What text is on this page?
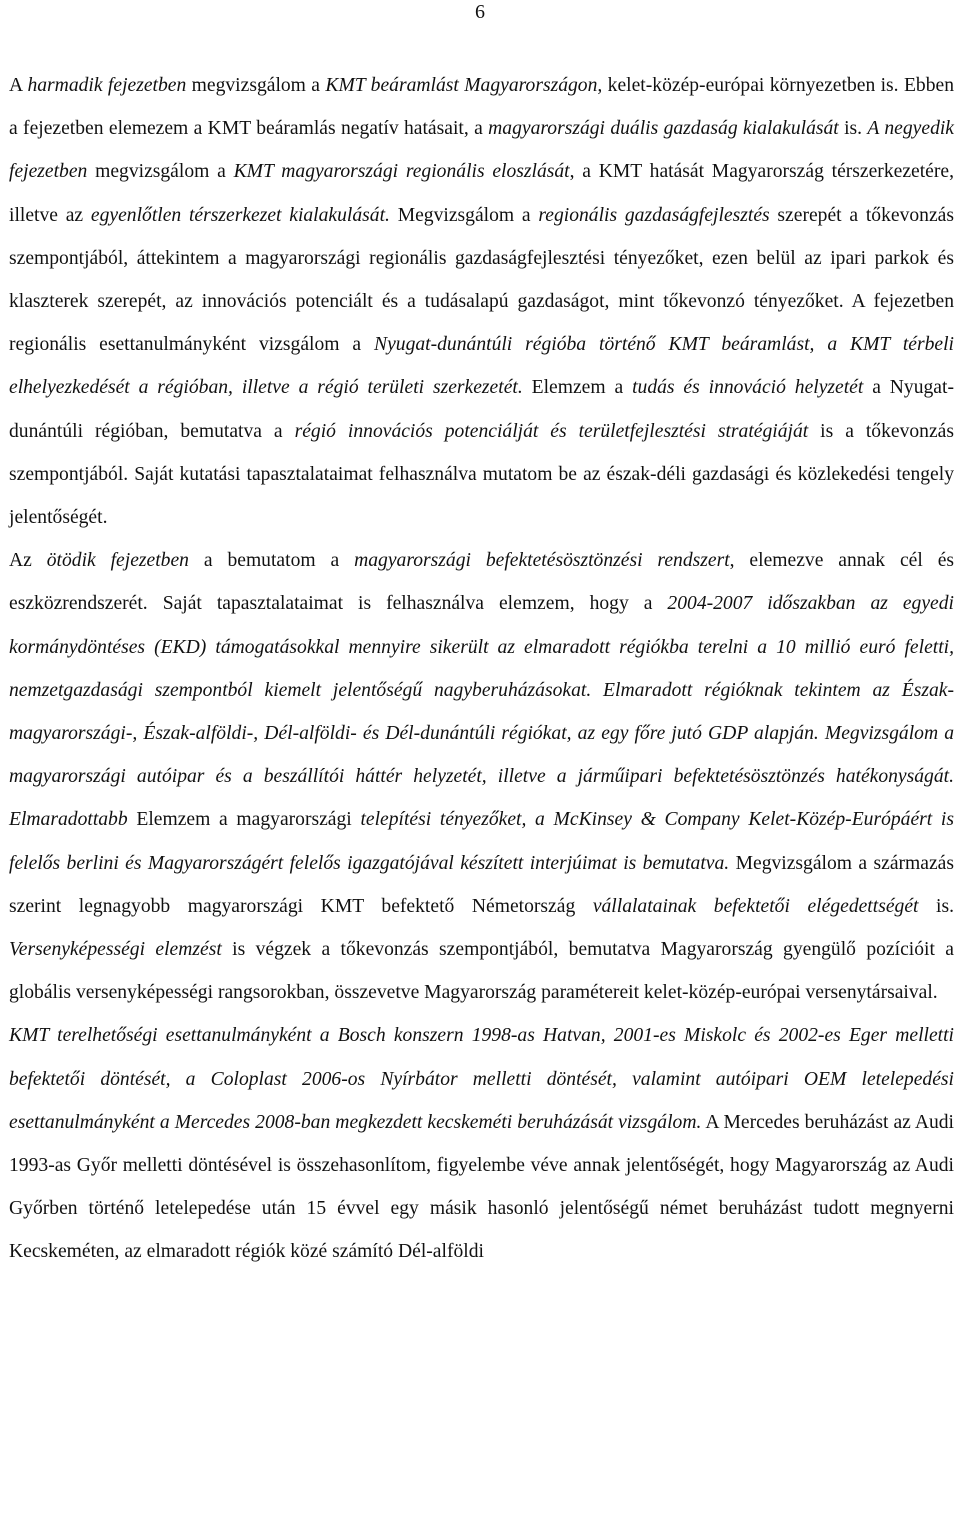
6

A harmadik fejezetben megvizsgálom a KMT beáramlást Magyarországon, kelet-közép-európai környezetben is. Ebben a fejezetben elemezem a KMT beáramlás negatív hatásait, a magyarországi duális gazdaság kialakulását is. A negyedik fejezetben megvizsgálom a KMT magyarországi regionális eloszlását, a KMT hatását Magyarország térszerkezetére, illetve az egyenlőtlen térszerkezet kialakulását. Megvizsgálom a regionális gazdaságfejlesztés szerepét a tőkevonzás szempontjából, áttekintem a magyarországi regionális gazdaságfejlesztési tényezőket, ezen belül az ipari parkok és klaszterek szerepét, az innovációs potenciált és a tudásalapú gazdaságot, mint tőkevonzó tényezőket. A fejezetben regionális esettanulmányként vizsgálom a Nyugat-dunántúli régióba történő KMT beáramlást, a KMT térbeli elhelyezkedését a régióban, illetve a régió területi szerkezetét. Elemzem a tudás és innováció helyzetét a Nyugat-dunántúli régióban, bemutatva a régió innovációs potenciálját és területfejlesztési stratégiáját is a tőkevonzás szempontjából. Saját kutatási tapasztalataimat felhasználva mutatom be az észak-déli gazdasági és közlekedési tengely jelentőségét.

Az ötödik fejezetben a bemutatom a magyarországi befektetésösztönzési rendszert, elemezve annak cél és eszközrendszerét. Saját tapasztalataimat is felhasználva elemzem, hogy a 2004-2007 időszakban az egyedi kormánydöntéses (EKD) támogatásokkal mennyire sikerült az elmaradott régiókba terelni a 10 millió euró feletti, nemzetgazdasági szempontból kiemelt jelentőségű nagyberuházásokat. Elmaradott régióknak tekintem az Észak-magyarországi-, Észak-alföldi-, Dél-alföldi- és Dél-dunántúli régiókat, az egy főre jutó GDP alapján. Megvizsgálom a magyarországi autóipar és a beszállítói háttér helyzetét, illetve a járműipari befektetésösztönzés hatékonyságát. Elmaradottabb Elemzem a magyarországi telepítési tényezőket, a McKinsey & Company Kelet-Közép-Európáért is felelős berlini és Magyarországért felelős igazgatójával készített interjúimat is bemutatva. Megvizsgálom a származás szerint legnagyobb magyarországi KMT befektető Németország vállalatainak befektetői elégedettségét is. Versenyképességi elemzést is végzek a tőkevonzás szempontjából, bemutatva Magyarország gyengülő pozícióit a globális versenyképességi rangsorokban, összevetve Magyarország paramétereit kelet-közép-európai versenytársaival.

KMT terelhetőségi esettanulmányként a Bosch konszern 1998-as Hatvan, 2001-es Miskolc és 2002-es Eger melletti befektetői döntését, a Coloplast 2006-os Nyírbátor melletti döntését, valamint autóipari OEM letelepedési esettanulmányként a Mercedes 2008-ban megkezdett kecskeméti beruházását vizsgálom. A Mercedes beruházást az Audi 1993-as Győr melletti döntésével is összehasonlítom, figyelembe véve annak jelentőségét, hogy Magyarország az Audi Győrben történő letelepedése után 15 évvel egy másik hasonló jelentőségű német beruházást tudott megnyerni Kecskeméten, az elmaradott régiók közé számító Dél-alföldi
